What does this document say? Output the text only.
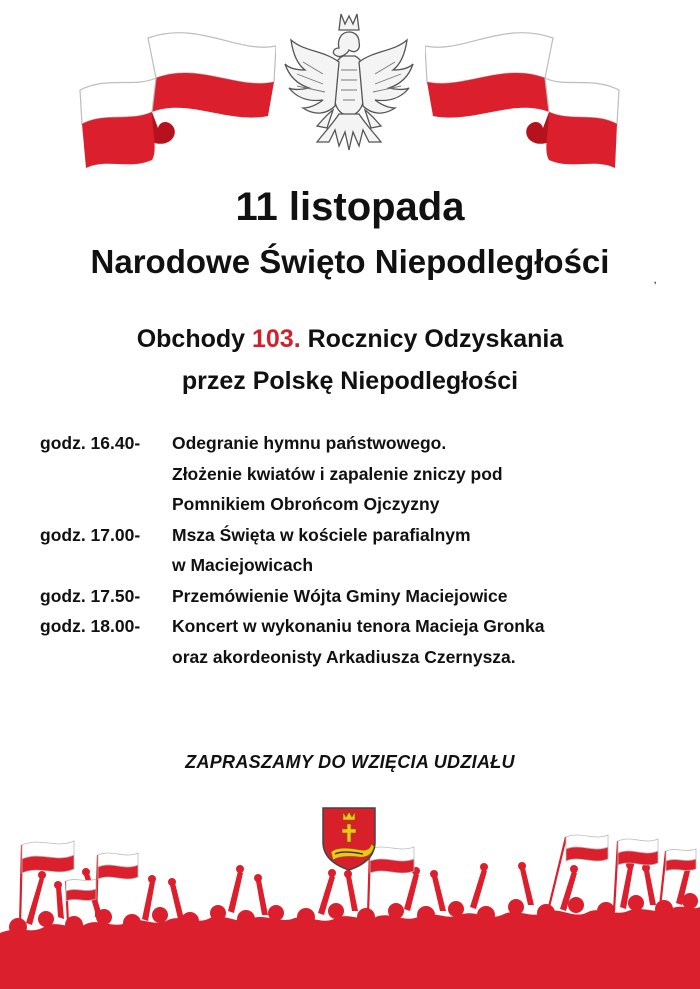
11 listopada
Narodowe Święto Niepodległości
,
Obchody 103. Rocznicy Odzyskania
przez Polskę Niepodległości
godz. 16.40-	Odegranie hymnu państwowego.
Złożenie kwiatów i zapalenie zniczy pod
Pomnikiem Obrońcom Ojczyzny
godz. 17.00-	Msza Święta w kościele parafialnym
w Maciejowicach
godz. 17.50-	Przemówienie Wójta Gminy Maciejowice
godz. 18.00-	Koncert w wykonaniu tenora Macieja Gronka
oraz akordeonisty Arkadiusza Czernysza.
ZAPRASZAMY DO WZIĘCIA UDZIAŁU
